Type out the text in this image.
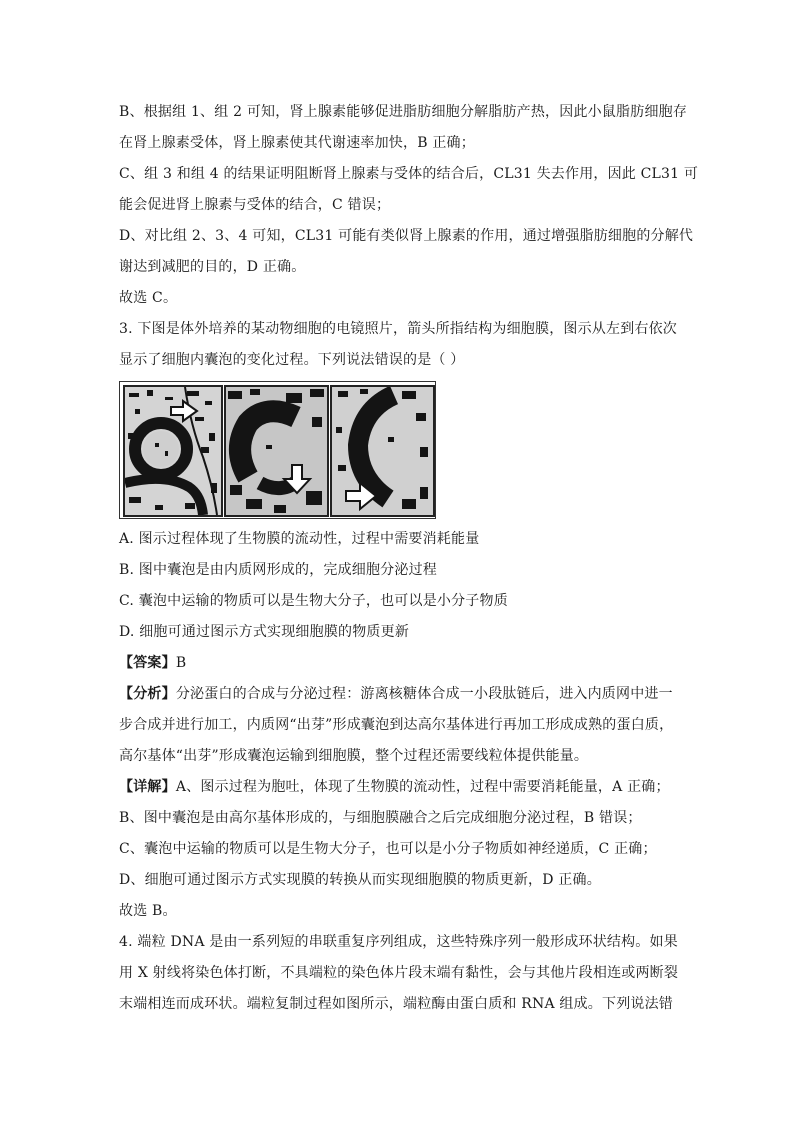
B、根据组 1、组 2 可知，肾上腺素能够促进脂肪细胞分解脂肪产热，因此小鼠脂肪细胞存
在肾上腺素受体，肾上腺素使其代谢速率加快，B 正确；
C、组 3 和组 4 的结果证明阻断肾上腺素与受体的结合后，CL31 失去作用，因此 CL31 可
能会促进肾上腺素与受体的结合，C 错误；
D、对比组 2、3、4 可知，CL31 可能有类似肾上腺素的作用，通过增强脂肪细胞的分解代
谢达到减肥的目的，D 正确。
故选 C。
3. 下图是体外培养的某动物细胞的电镜照片，箭头所指结构为细胞膜，图示从左到右依次
显示了细胞内囊泡的变化过程。下列说法错误的是（ ）
A. 图示过程体现了生物膜的流动性，过程中需要消耗能量
B. 图中囊泡是由内质网形成的，完成细胞分泌过程
C. 囊泡中运输的物质可以是生物大分子，也可以是小分子物质
D. 细胞可通过图示方式实现细胞膜的物质更新
【答案】B
【分析】分泌蛋白的合成与分泌过程：游离核糖体合成一小段肽链后，进入内质网中进一
步合成并进行加工，内质网“出芽”形成囊泡到达高尔基体进行再加工形成成熟的蛋白质，
高尔基体“出芽”形成囊泡运输到细胞膜，整个过程还需要线粒体提供能量。
【详解】A、图示过程为胞吐，体现了生物膜的流动性，过程中需要消耗能量，A 正确；
B、图中囊泡是由高尔基体形成的，与细胞膜融合之后完成细胞分泌过程，B 错误；
C、囊泡中运输的物质可以是生物大分子，也可以是小分子物质如神经递质，C 正确；
D、细胞可通过图示方式实现膜的转换从而实现细胞膜的物质更新，D 正确。
故选 B。
4. 端粒 DNA 是由一系列短的串联重复序列组成，这些特殊序列一般形成环状结构。如果
用 X 射线将染色体打断，不具端粒的染色体片段末端有黏性，会与其他片段相连或两断裂
末端相连而成环状。端粒复制过程如图所示，端粒酶由蛋白质和 RNA 组成。下列说法错
